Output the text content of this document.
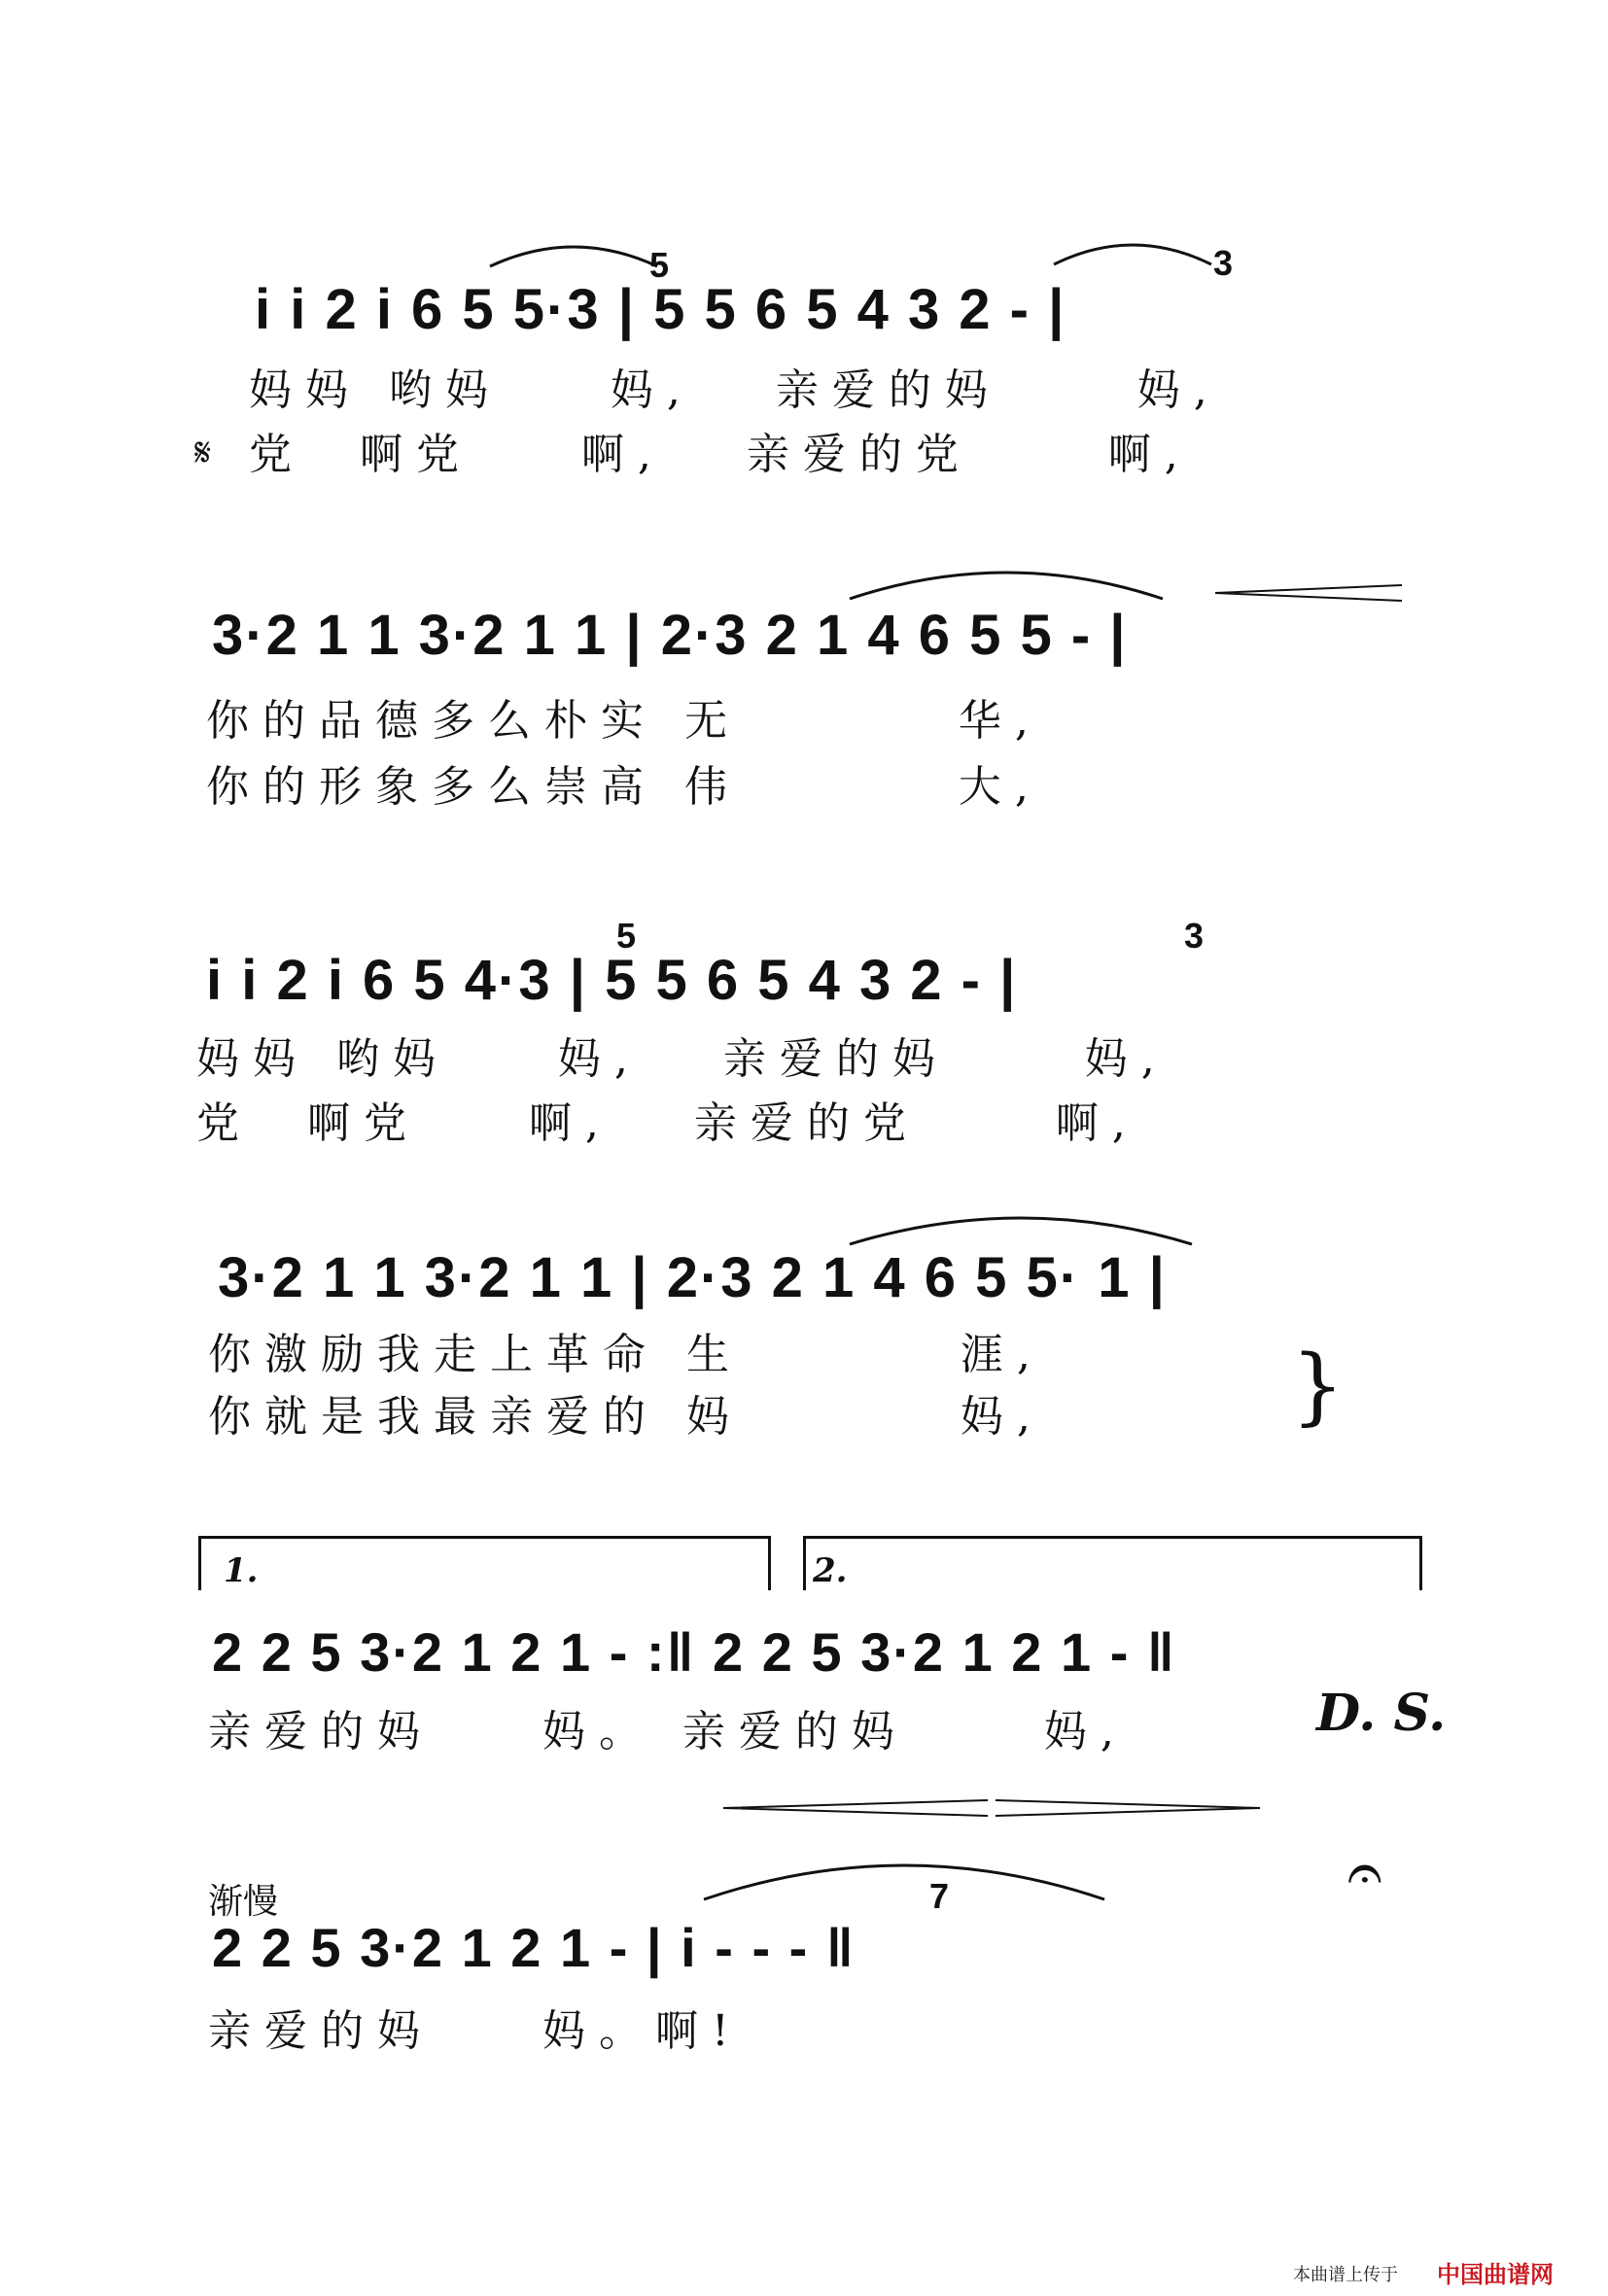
i i 2 i 6 5 5·3 | 5 5 6 5 4 3 2 - |
5	3
𝄋
妈妈 哟妈    妈,   亲爱的妈     妈,
党  啊党    啊,   亲爱的党     啊,
3·2 1 1 3·2 1 1 | 2·3 2 1 4 6 5 5 - |
你的品德多么朴实 无        华,
你的形象多么崇高 伟        大,
i i 2 i 6 5 4·3 | 5 5 6 5 4 3 2 - |
5	3
妈妈 哟妈    妈,   亲爱的妈     妈,
党  啊党    啊,   亲爱的党     啊,
3·2 1 1 3·2 1 1 | 2·3 2 1 4 6 5 5· 1 |
你激励我走上革命 生        涯,
你就是我最亲爱的 妈        妈,	}
1.	2.
2 2 5 3·2 1 2 1 - :‖ 2 2 5 3·2 1 2 1 - ‖
亲爱的妈    妈。 亲爱的妈     妈,	D. S.
渐慢
2 2 5 3·2 1 2 1 - | i - - - ‖
7	𝄐
亲爱的妈    妈。啊!
本曲谱上传于 中国曲谱网
